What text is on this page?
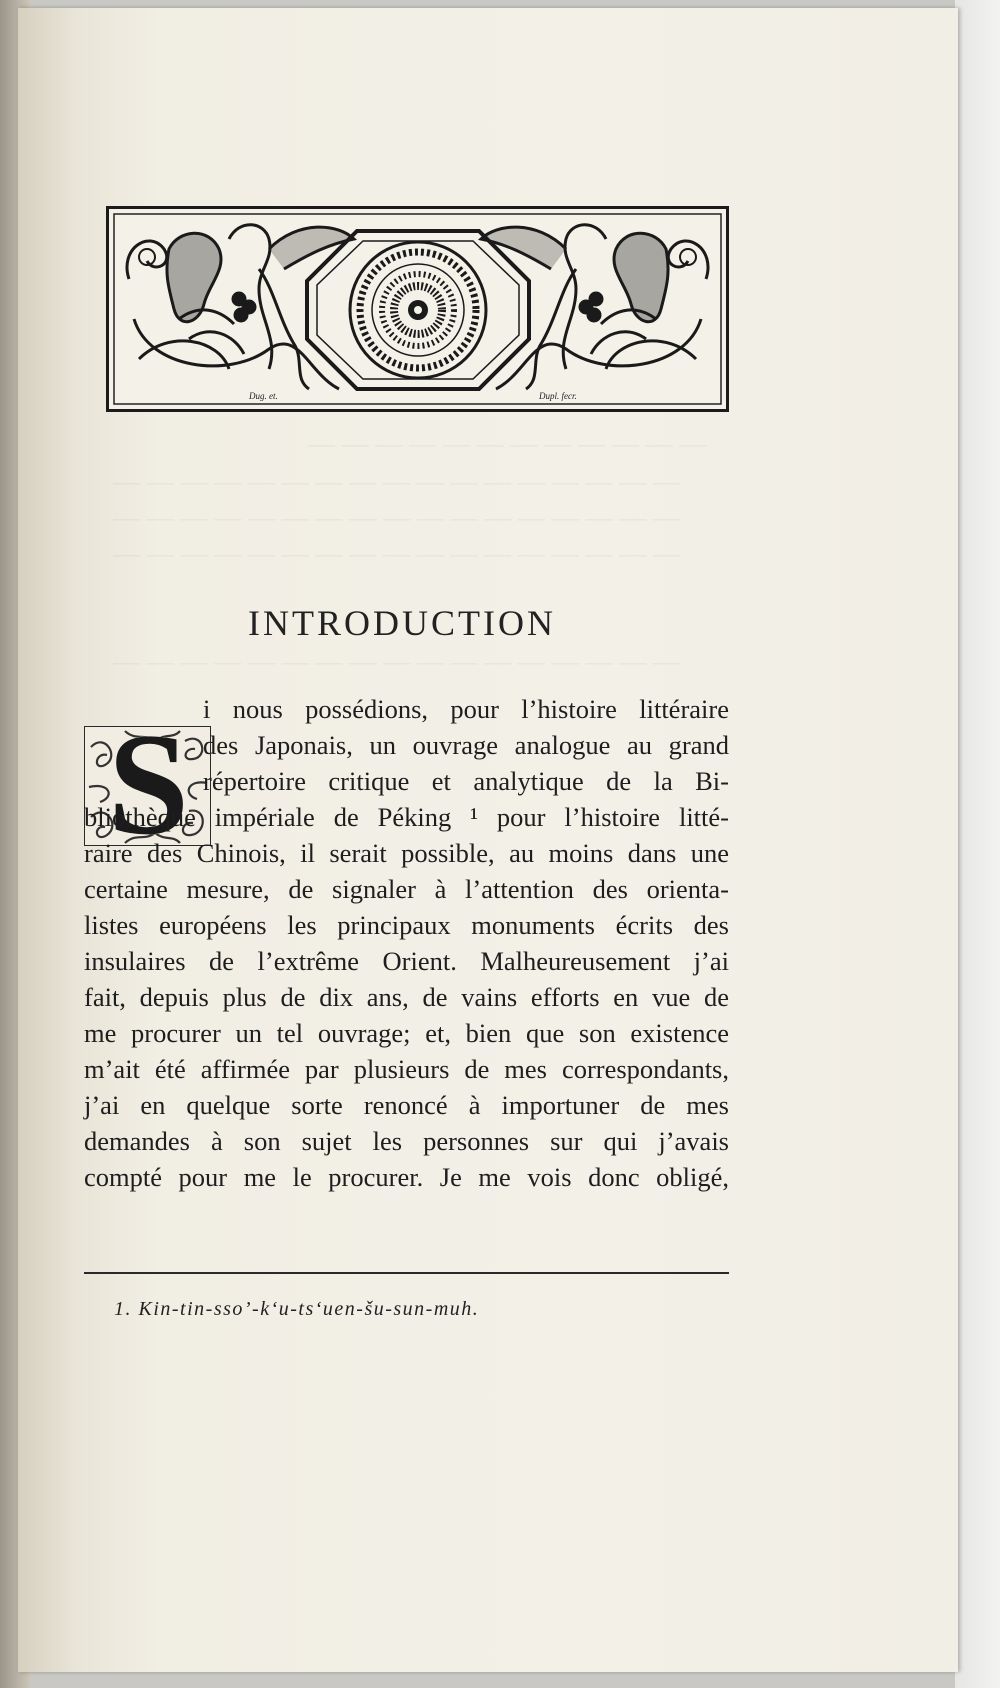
— — — — — — — — — — — —
— — — — — — — — — — — — — — — — —
— — — — — — — — — — — — — — — — —
— — — — — — — — — — — — — — — — —
— — — — — — — — — — — — — — — — —
Dug. et.	Dupl. fecr.
INTRODUCTION
S i nous possédions, pour l’histoire littéraire
des Japonais, un ouvrage analogue au grand
répertoire critique et analytique de la Bi-
bliothèque impériale de Péking ¹ pour l’histoire litté-
raire des Chinois, il serait possible, au moins dans une
certaine mesure, de signaler à l’attention des orienta-
listes européens les principaux monuments écrits des
insulaires de l’extrême Orient. Malheureusement j’ai
fait, depuis plus de dix ans, de vains efforts en vue de
me procurer un tel ouvrage; et, bien que son existence
m’ait été affirmée par plusieurs de mes correspondants,
j’ai en quelque sorte renoncé à importuner de mes
demandes à son sujet les personnes sur qui j’avais
compté pour me le procurer. Je me vois donc obligé,
1. Kin-tin-sso’-k‘u-ts‘uen-šu-sun-muh.
